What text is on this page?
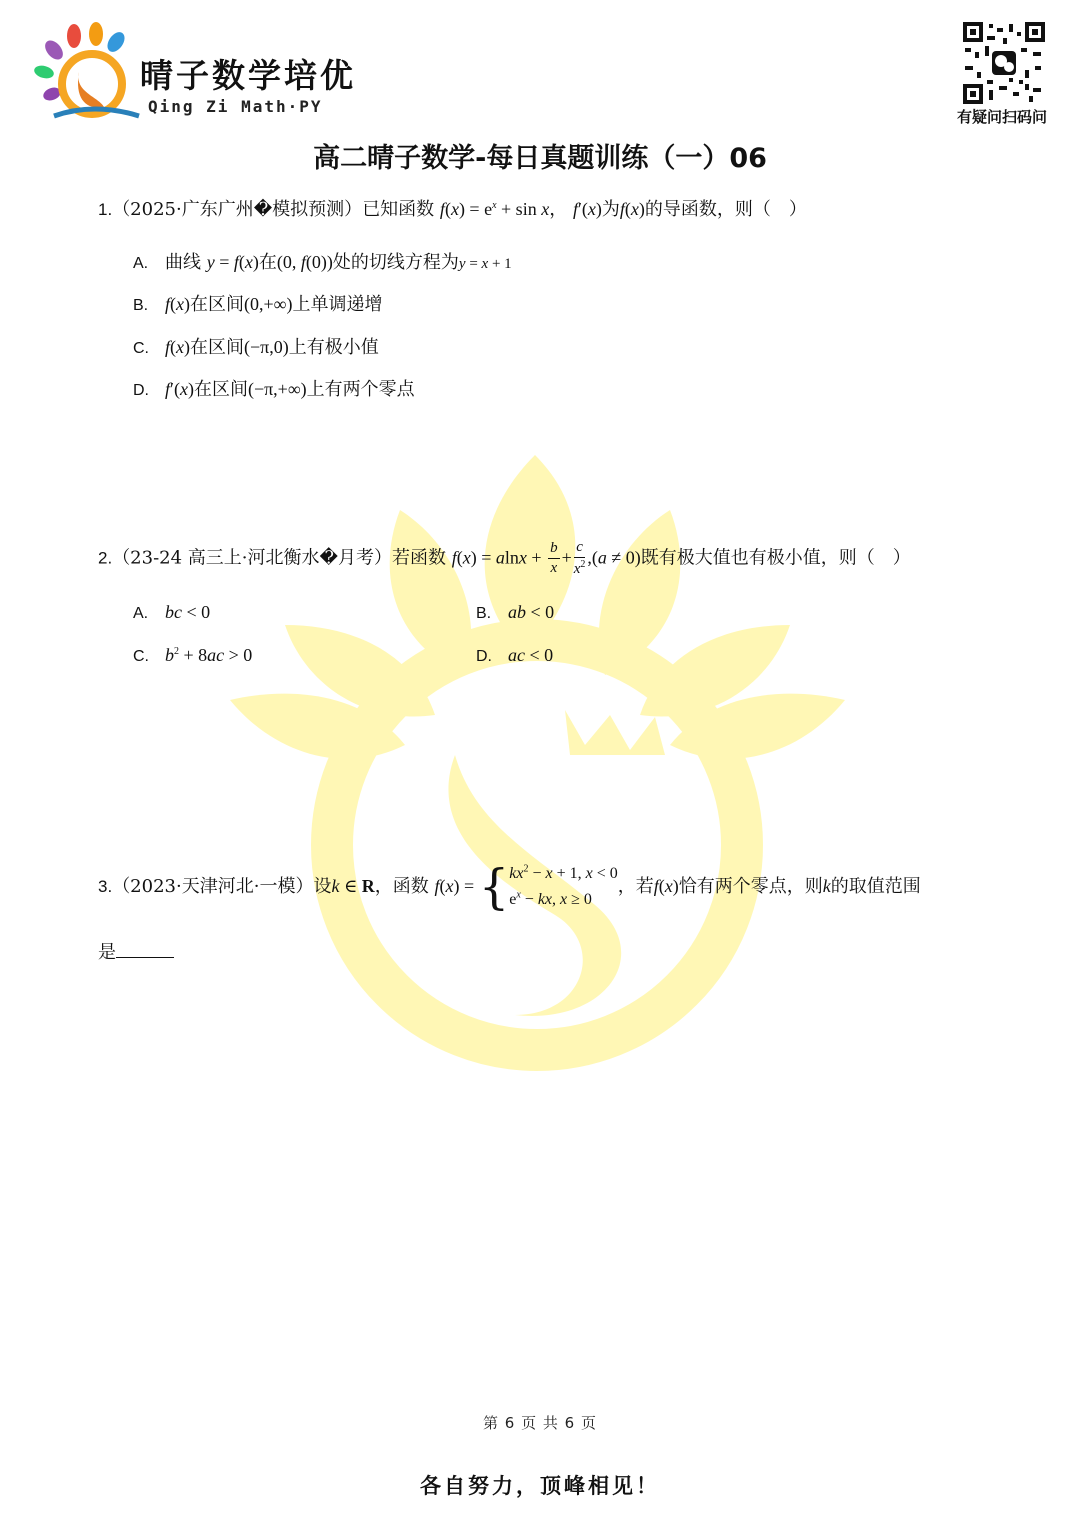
晴子数学培优
Qing Zi Math·PY
有疑问扫码问
高二晴子数学-每日真题训练（一）06
1.（2025·广东广州�模拟预测）已知函数 $f(x) = e^x + \sin x$， f′(x)为f(x)的导函数，则（　）
A. 曲线 y = f(x)在(0, f(0))处的切线方程为y = x + 1
B. f(x)在区间(0,+∞)上单调递增
C. f(x)在区间(−π,0)上有极小值
D. f′(x)在区间(−π,+∞)上有两个零点
2.（23-24 高三上·河北衡水�月考）若函数 $f(x) = alnx + \frac{b}{x} + \frac{c}{x^2} ,(a \ne 0)$既有极大值也有极小值，则（　）
A. bc < 0	B. ab < 0
C. $b^2 + 8ac > 0$	D. ac < 0
3.（2023·天津河北·一模）设k ∈ R，函数 f(x) = { $kx^2 - x + 1$, x < 0
$e^x$ − kx, x ≥ 0
，若f(x)恰有两个零点，则k的取值范围
是
第 6 页 共 6 页
各自努力，顶峰相见！
